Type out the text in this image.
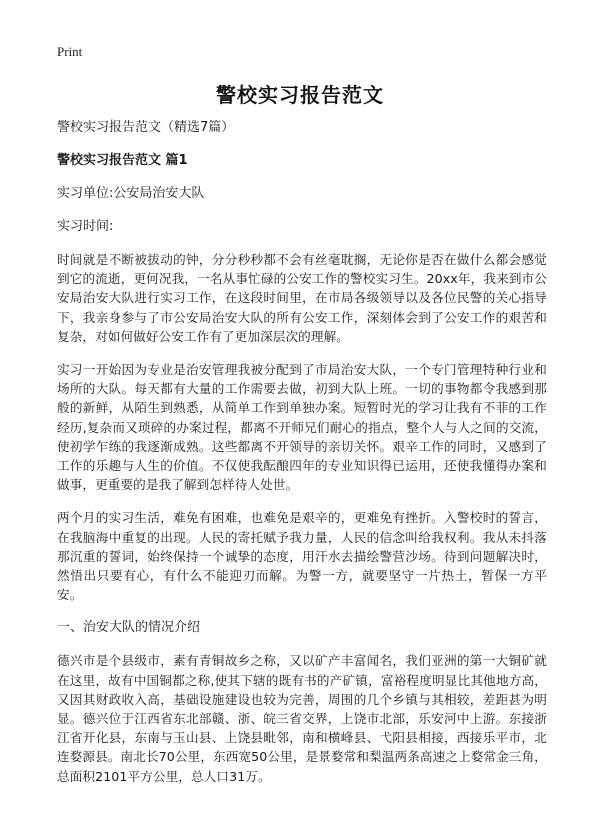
Print
警校实习报告范文
警校实习报告范文（精选7篇）
警校实习报告范文 篇1
实习单位:公安局治安大队
实习时间:

时间就是不断被拔动的钟，分分秒秒都不会有丝毫耽搁，无论你是否在做什么都会感觉到它的流逝，更何况我，一名从事忙碌的公安工作的警校实习生。20xx年，我来到市公安局治安大队进行实习工作，在这段时间里，在市局各级领导以及各位民警的关心指导下，我亲身参与了市公安局治安大队的所有公安工作，深刻体会到了公安工作的艰苦和复杂，对如何做好公安工作有了更加深层次的理解。

实习一开始因为专业是治安管理我被分配到了市局治安大队，一个专门管理特种行业和场所的大队。每天都有大量的工作需要去做，初到大队上班。一切的事物都令我感到那般的新鲜，从陌生到熟悉，从简单工作到单独办案。短暂时光的学习让我有不菲的工作经历,复杂而又琐碎的办案过程，都离不开师兄们耐心的指点，整个人与人之间的交流，使初学乍练的我逐渐成熟。这些都离不开领导的亲切关怀。艰辛工作的同时，又感到了工作的乐趣与人生的价值。不仅使我酝酿四年的专业知识得已运用，还使我懂得办案和做事，更重要的是我了解到怎样待人处世。

两个月的实习生活，难免有困难，也难免是艰辛的，更难免有挫折。入警校时的誓言，在我脑海中重复的出现。人民的寄托赋予我力量，人民的信念叫给我权利。我从未抖落那沉重的誓词，始终保持一个诚挚的态度，用汗水去描绘警营沙场。待到问题解决时，然悟出只要有心，有什么不能迎刃而解。为警一方，就要坚守一片热土，暂保一方平安。

一、治安大队的情况介绍

德兴市是个县级市，素有青铜故乡之称，又以矿产丰富闻名，我们亚洲的第一大铜矿就在这里，故有中国铜都之称,使其下辖的既有书的产矿镇，富裕程度明显比其他地方高，又因其财政收入高，基础设施建设也较为完善，周围的几个乡镇与其相较，差距甚为明显。德兴位于江西省东北部赣、浙、皖三省交界，上饶市北部，乐安河中上游。东接浙江省开化县，东南与玉山县、上饶县毗邻，南和横峰县、弋阳县相接，西接乐平市，北连婺源县。南北长70公里，东西宽50公里，是景婺常和梨温两条高速之上婺常金三角，总面积2101平方公里，总人口31万。
